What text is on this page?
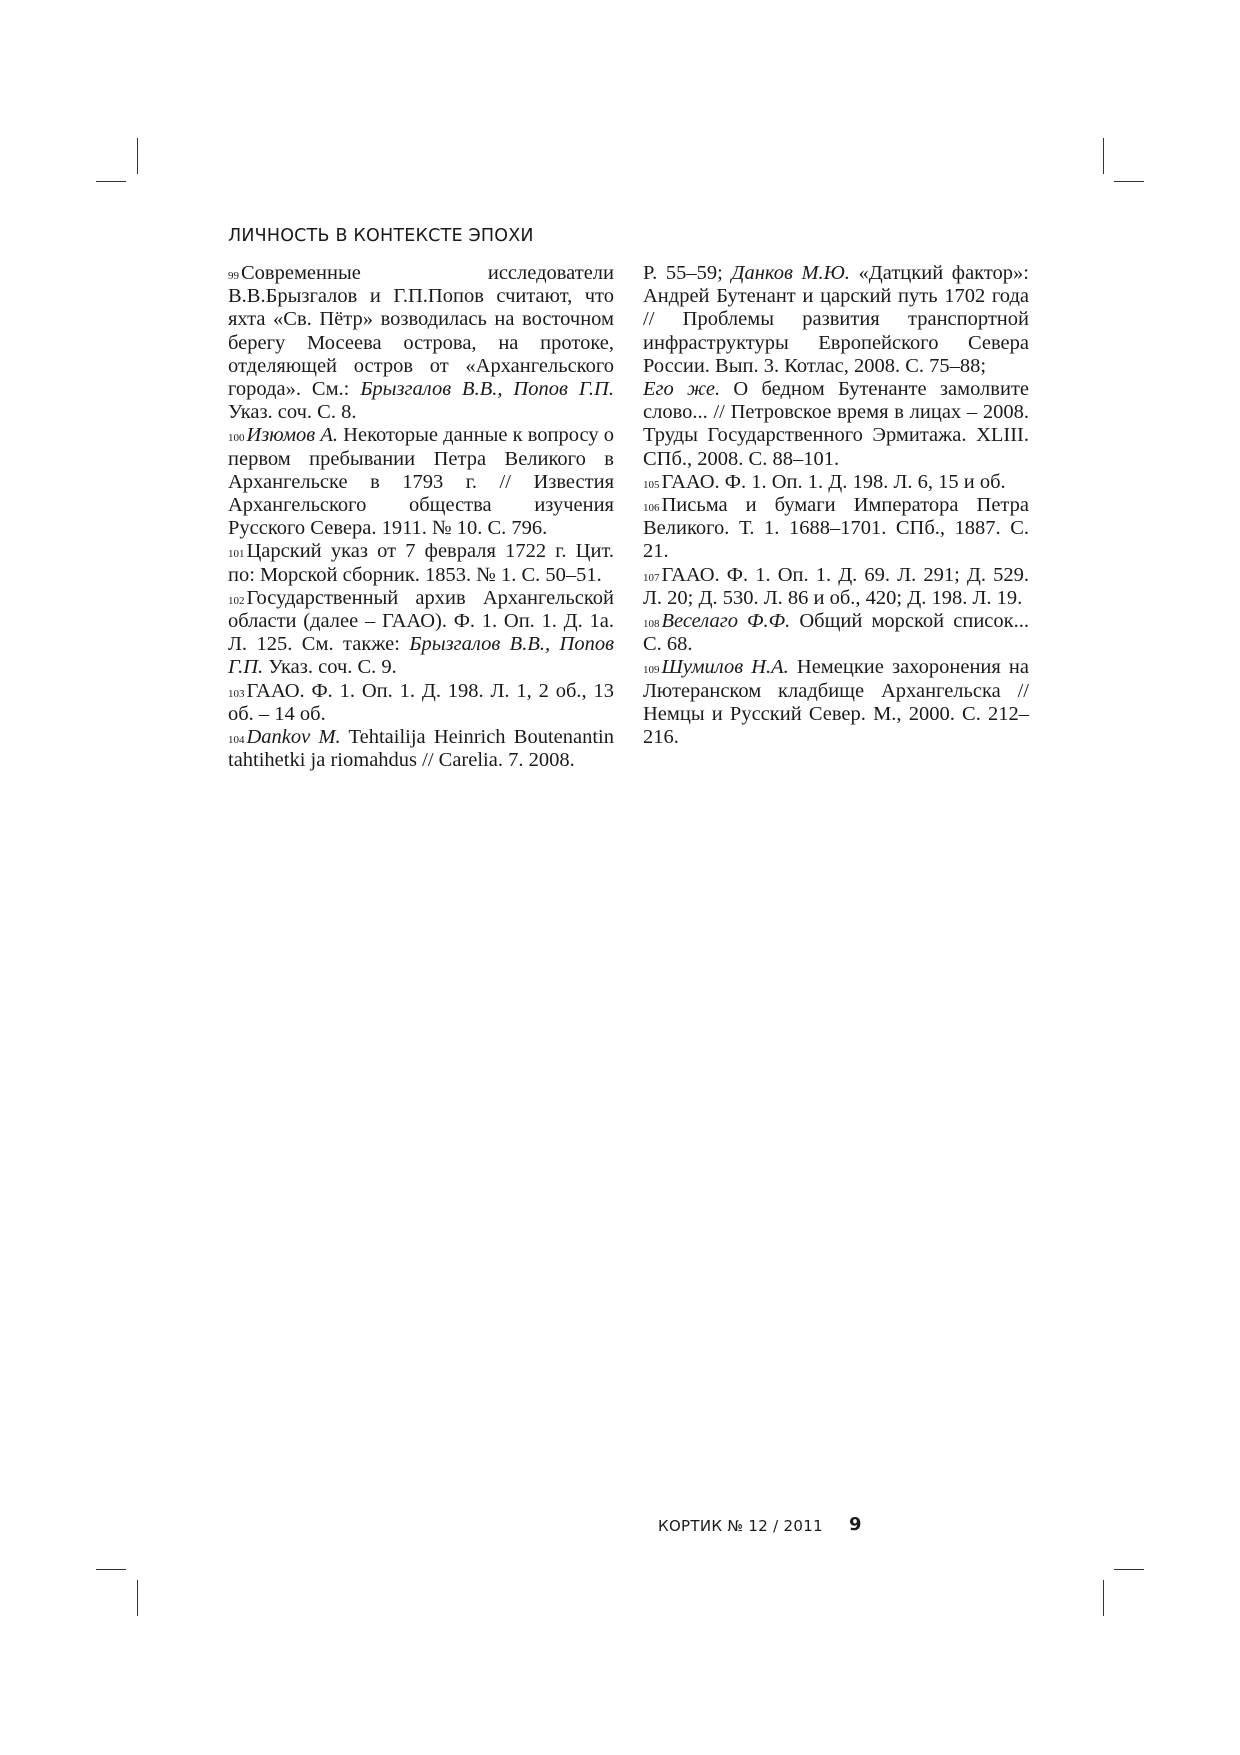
ЛИЧНОСТЬ В КОНТЕКСТЕ ЭПОХИ

$^{99}$Современные исследователи В.В.Брызгалов и Г.П.Попов считают, что яхта «Св. Пётр» возводилась на восточном берегу Мосеева острова, на протоке, отделяющей остров от «Архангельского города». См.: Брызгалов В.В., Попов Г.П. Указ. соч. С. 8.

$^{100}$Изюмов А. Некоторые данные к вопросу о первом пребывании Петра Великого в Архангельске в 1793 г. // Известия Архангельского общества изучения Русского Севера. 1911. № 10. С. 796.

$^{101}$Царский указ от 7 февраля 1722 г. Цит. по: Морской сборник. 1853. № 1. С. 50–51.

$^{102}$Государственный архив Архангельской области (далее – ГААО). Ф. 1. Оп. 1. Д. 1а. Л. 125. См. также: Брызгалов В.В., Попов Г.П. Указ. соч. С. 9.

$^{103}$ГААО. Ф. 1. Оп. 1. Д. 198. Л. 1, 2 об., 13 об. – 14 об.

$^{104}$Dankov M. Tehtailija Heinrich Boutenantin tahtihetki ja riomahdus // Carelia. 7. 2008.

P. 55–59; Данков М.Ю. «Датцкий фактор»: Андрей Бутенант и царский путь 1702 года // Проблемы развития транспортной инфраструктуры Европейского Севера России. Вып. 3. Котлас, 2008. С. 75–88;

Его же. О бедном Бутенанте замолвите слово... // Петровское время в лицах – 2008. Труды Государственного Эрмитажа. XLIII. СПб., 2008. С. 88–101.

$^{105}$ГААО. Ф. 1. Оп. 1. Д. 198. Л. 6, 15 и об.

$^{106}$Письма и бумаги Императора Петра Великого. Т. 1. 1688–1701. СПб., 1887. С. 21.

$^{107}$ГААО. Ф. 1. Оп. 1. Д. 69. Л. 291; Д. 529. Л. 20; Д. 530. Л. 86 и об., 420; Д. 198. Л. 19.

$^{108}$Веселаго Ф.Ф. Общий морской список... С. 68.

$^{109}$Шумилов Н.А. Немецкие захоронения на Лютеранском кладбище Архангельска // Немцы и Русский Север. М., 2000. С. 212–216.

КОРТИК № 12 / 2011 9
